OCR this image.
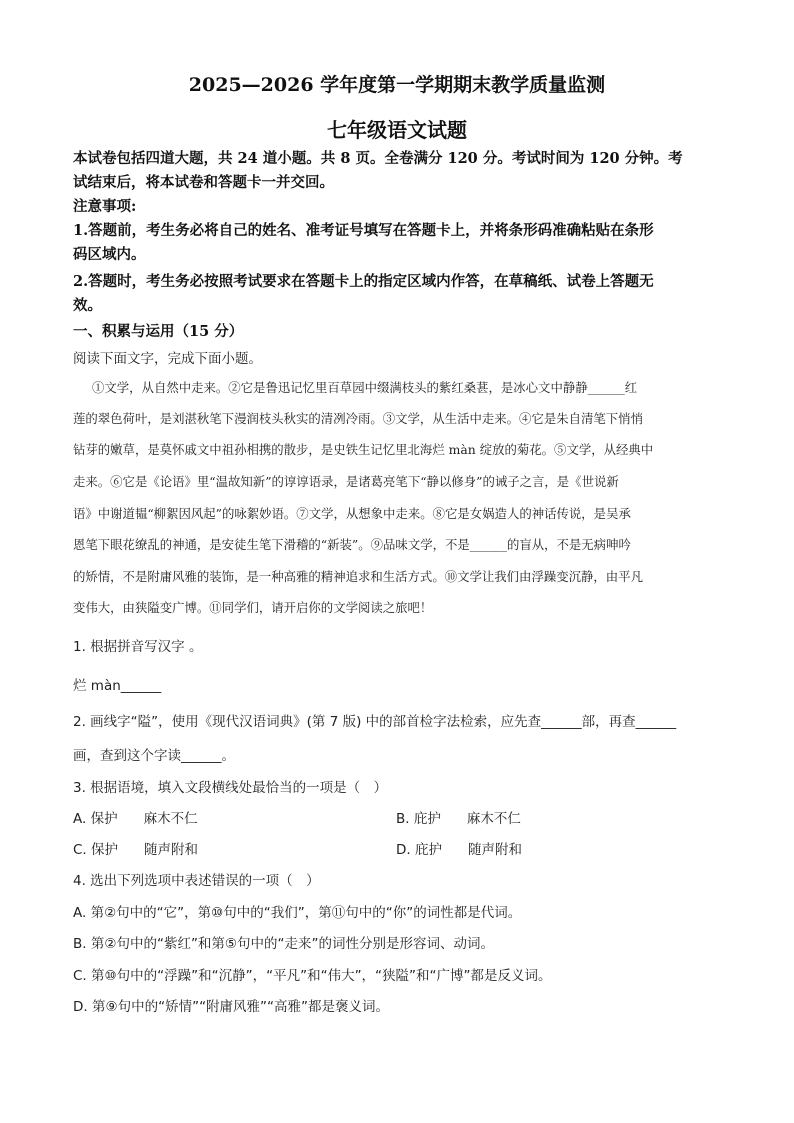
2025—2026 学年度第一学期期末教学质量监测
七年级语文试题
本试卷包括四道大题，共 24 道小题。共 8 页。全卷满分 120 分。考试时间为 120 分钟。考
试结束后，将本试卷和答题卡一并交回。
注意事项:
1.答题前，考生务必将自己的姓名、准考证号填写在答题卡上，并将条形码准确粘贴在条形
码区域内。
2.答题时，考生务必按照考试要求在答题卡上的指定区域内作答，在草稿纸、试卷上答题无
效。
一、积累与运用（15 分）
阅读下面文字，完成下面小题。
①文学，从自然中走来。②它是鲁迅记忆里百草园中缀满枝头的紫红桑葚，是冰心文中静静______红
莲的翠色荷叶，是刘湛秋笔下漫润枝头秋实的清冽冷雨。③文学，从生活中走来。④它是朱自清笔下悄悄
钻芽的嫩草，是莫怀戚文中祖孙相携的散步，是史铁生记忆里北海烂 màn 绽放的菊花。⑤文学，从经典中
走来。⑥它是《论语》里“温故知新”的谆谆语录，是诸葛亮笔下“静以修身”的诫子之言，是《世说新
语》中谢道韫“柳絮因风起”的咏絮妙语。⑦文学，从想象中走来。⑧它是女娲造人的神话传说，是吴承
恩笔下眼花缭乱的神通，是安徒生笔下滑稽的“新装”。⑨品味文学，不是______的盲从，不是无病呻吟
的矫情，不是附庸风雅的装饰，是一种高雅的精神追求和生活方式。⑩文学让我们由浮躁变沉静，由平凡
变伟大，由狭隘变广博。⑪同学们，请开启你的文学阅读之旅吧！
1. 根据拼音写汉字 。
烂 màn______
2. 画线字“隘”，使用《现代汉语词典》(第 7 版) 中的部首检字法检索，应先查______部，再查______
画，查到这个字读______。
3. 根据语境，填入文段横线处最恰当的一项是（　）
A. 保护 麻木不仁	B. 庇护 麻木不仁
C. 保护 随声附和	D. 庇护 随声附和
4. 选出下列选项中表述错误的一项（　）
A. 第②句中的“它”，第⑩句中的“我们”，第⑪句中的“你”的词性都是代词。
B. 第②句中的“紫红”和第⑤句中的“走来”的词性分别是形容词、动词。
C. 第⑩句中的“浮躁”和“沉静”，“平凡”和“伟大”，“狭隘”和“广博”都是反义词。
D. 第⑨句中的“矫情”“附庸风雅”“高雅”都是褒义词。
